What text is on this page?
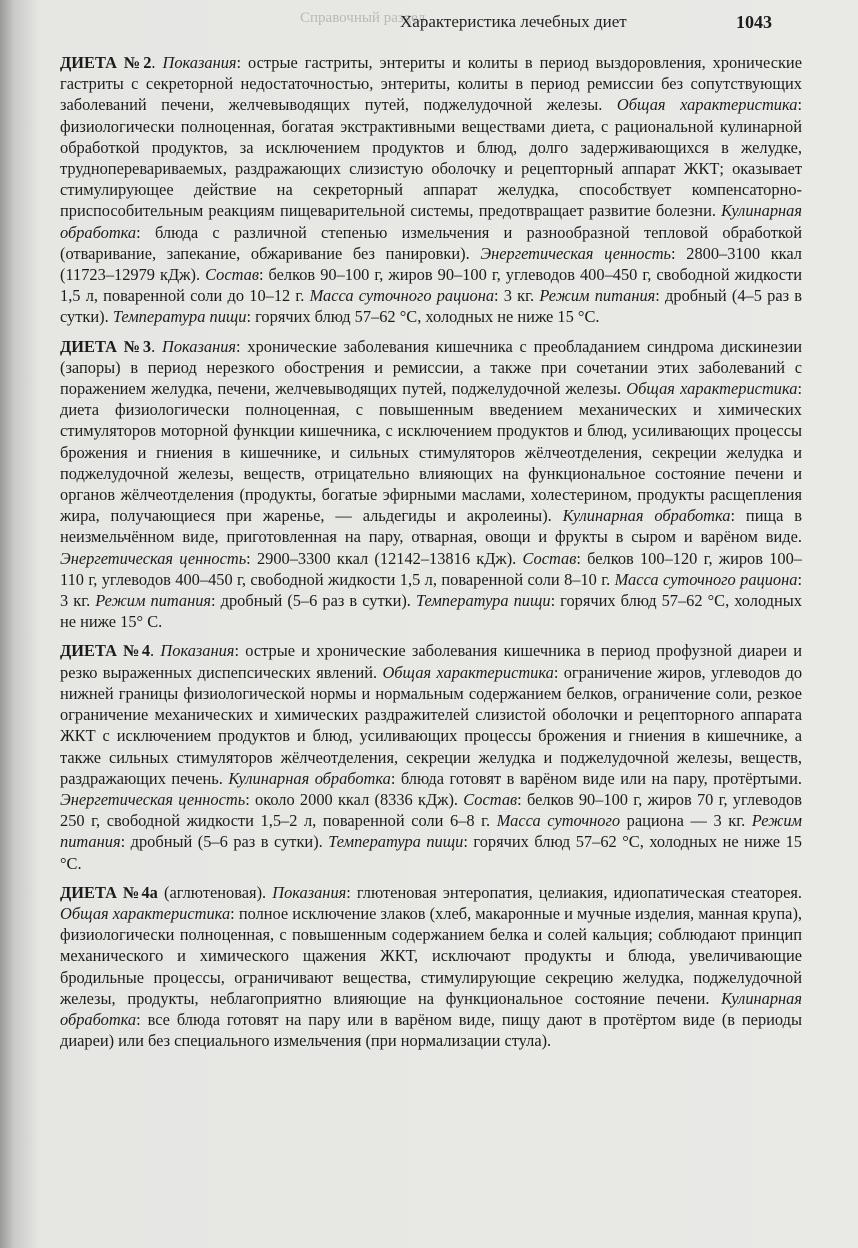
Справочный раздел
Характеристика лечебных диет	1043

ДИЕТА №2. Показания: острые гастриты, энтериты и колиты в период выздоровления, хронические гастриты с секреторной недостаточностью, энтериты, колиты в период ремиссии без сопутствующих заболеваний печени, желчевыводящих путей, поджелудочной железы. Общая характеристика: физиологически полноценная, богатая экстрактивными веществами диета, с рациональной кулинарной обработкой продуктов, за исключением продуктов и блюд, долго задерживающихся в желудке, трудноперевариваемых, раздражающих слизистую оболочку и рецепторный аппарат ЖКТ; оказывает стимулирующее действие на секреторный аппарат желудка, способствует компенсаторно-приспособительным реакциям пищеварительной системы, предотвращает развитие болезни. Кулинарная обработка: блюда с различной степенью измельчения и разнообразной тепловой обработкой (отваривание, запекание, обжаривание без панировки). Энергетическая ценность: 2800–3100 ккал (11723–12979 кДж). Состав: белков 90–100 г, жиров 90–100 г, углеводов 400–450 г, свободной жидкости 1,5 л, поваренной соли до 10–12 г. Масса суточного рациона: 3 кг. Режим питания: дробный (4–5 раз в сутки). Температура пищи: горячих блюд 57–62 °C, холодных не ниже 15 °C.

ДИЕТА №3. Показания: хронические заболевания кишечника с преобладанием синдрома дискинезии (запоры) в период нерезкого обострения и ремиссии, а также при сочетании этих заболеваний с поражением желудка, печени, желчевыводящих путей, поджелудочной железы. Общая характеристика: диета физиологически полноценная, с повышенным введением механических и химических стимуляторов моторной функции кишечника, с исключением продуктов и блюд, усиливающих процессы брожения и гниения в кишечнике, и сильных стимуляторов жёлчеотделения, секреции желудка и поджелудочной железы, веществ, отрицательно влияющих на функциональное состояние печени и органов жёлчеотделения (продукты, богатые эфирными маслами, холестерином, продукты расщепления жира, получающиеся при жаренье, — альдегиды и акролеины). Кулинарная обработка: пища в неизмельчённом виде, приготовленная на пару, отварная, овощи и фрукты в сыром и варёном виде. Энергетическая ценность: 2900–3300 ккал (12142–13816 кДж). Состав: белков 100–120 г, жиров 100–110 г, углеводов 400–450 г, свободной жидкости 1,5 л, поваренной соли 8–10 г. Масса суточного рациона: 3 кг. Режим питания: дробный (5–6 раз в сутки). Температура пищи: горячих блюд 57–62 °C, холодных не ниже 15° C.

ДИЕТА №4. Показания: острые и хронические заболевания кишечника в период профузной диареи и резко выраженных диспепсических явлений. Общая характеристика: ограничение жиров, углеводов до нижней границы физиологической нормы и нормальным содержанием белков, ограничение соли, резкое ограничение механических и химических раздражителей слизистой оболочки и рецепторного аппарата ЖКТ с исключением продуктов и блюд, усиливающих процессы брожения и гниения в кишечнике, а также сильных стимуляторов жёлчеотделения, секреции желудка и поджелудочной железы, веществ, раздражающих печень. Кулинарная обработка: блюда готовят в варёном виде или на пару, протёртыми. Энергетическая ценность: около 2000 ккал (8336 кДж). Состав: белков 90–100 г, жиров 70 г, углеводов 250 г, свободной жидкости 1,5–2 л, поваренной соли 6–8 г. Масса суточного рациона — 3 кг. Режим питания: дробный (5–6 раз в сутки). Температура пищи: горячих блюд 57–62 °C, холодных не ниже 15 °C.

ДИЕТА №4а (аглютеновая). Показания: глютеновая энтеропатия, целиакия, идиопатическая стеаторея. Общая характеристика: полное исключение злаков (хлеб, макаронные и мучные изделия, манная крупа), физиологически полноценная, с повышенным содержанием белка и солей кальция; соблюдают принцип механического и химического щажения ЖКТ, исключают продукты и блюда, увеличивающие бродильные процессы, ограничивают вещества, стимулирующие секрецию желудка, поджелудочной железы, продукты, неблагоприятно влияющие на функциональное состояние печени. Кулинарная обработка: все блюда готовят на пару или в варёном виде, пищу дают в протёртом виде (в периоды диареи) или без специального измельчения (при нормализации стула).
